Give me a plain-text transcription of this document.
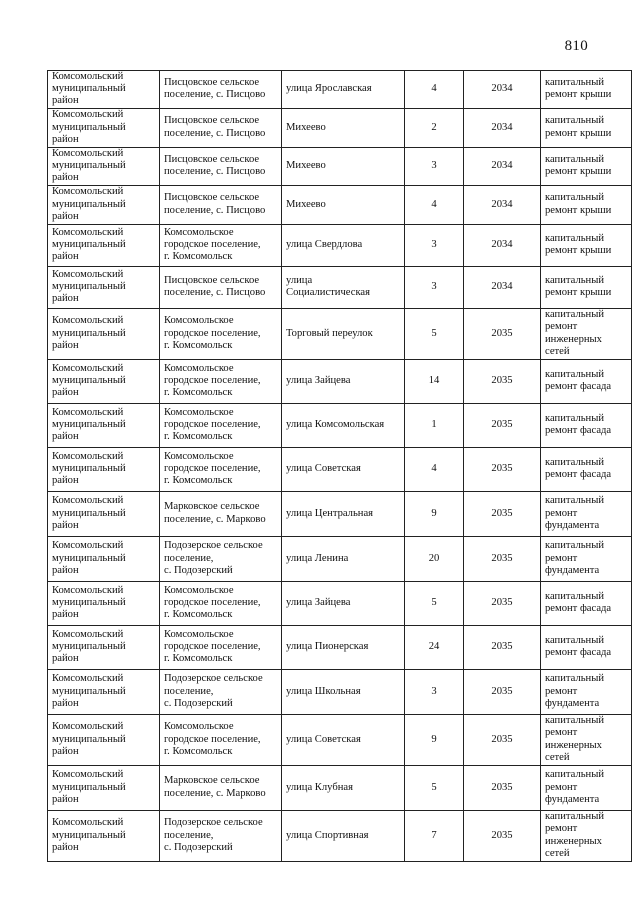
810
Комсомольский
муниципальный
район	Писцовское сельское
поселение, с. Писцово	улица Ярославская	4	2034	капитальный
ремонт крыши

Комсомольский
муниципальный
район	Писцовское сельское
поселение, с. Писцово	Михеево	2	2034	капитальный
ремонт крыши

Комсомольский
муниципальный
район	Писцовское сельское
поселение, с. Писцово	Михеево	3	2034	капитальный
ремонт крыши

Комсомольский
муниципальный
район	Писцовское сельское
поселение, с. Писцово	Михеево	4	2034	капитальный
ремонт крыши

Комсомольский
муниципальный
район	Комсомольское
городское поселение,
г. Комсомольск	улица Свердлова	3	2034	капитальный
ремонт крыши

Комсомольский
муниципальный
район	Писцовское сельское
поселение, с. Писцово	улица
Социалистическая	3	2034	капитальный
ремонт крыши

Комсомольский
муниципальный
район	Комсомольское
городское поселение,
г. Комсомольск	Торговый переулок	5	2035	капитальный
ремонт
инженерных
сетей

Комсомольский
муниципальный
район	Комсомольское
городское поселение,
г. Комсомольск	улица Зайцева	14	2035	капитальный
ремонт фасада

Комсомольский
муниципальный
район	Комсомольское
городское поселение,
г. Комсомольск	улица Комсомольская	1	2035	капитальный
ремонт фасада

Комсомольский
муниципальный
район	Комсомольское
городское поселение,
г. Комсомольск	улица Советская	4	2035	капитальный
ремонт фасада

Комсомольский
муниципальный
район	Марковское сельское
поселение, с. Марково	улица Центральная	9	2035	капитальный
ремонт
фундамента

Комсомольский
муниципальный
район	Подозерское сельское
поселение,
с. Подозерский	улица Ленина	20	2035	капитальный
ремонт
фундамента

Комсомольский
муниципальный
район	Комсомольское
городское поселение,
г. Комсомольск	улица Зайцева	5	2035	капитальный
ремонт фасада

Комсомольский
муниципальный
район	Комсомольское
городское поселение,
г. Комсомольск	улица Пионерская	24	2035	капитальный
ремонт фасада

Комсомольский
муниципальный
район	Подозерское сельское
поселение,
с. Подозерский	улица Школьная	3	2035	капитальный
ремонт
фундамента

Комсомольский
муниципальный
район	Комсомольское
городское поселение,
г. Комсомольск	улица Советская	9	2035	капитальный
ремонт
инженерных
сетей

Комсомольский
муниципальный
район	Марковское сельское
поселение, с. Марково	улица Клубная	5	2035	капитальный
ремонт
фундамента

Комсомольский
муниципальный
район	Подозерское сельское
поселение,
с. Подозерский	улица Спортивная	7	2035	капитальный
ремонт
инженерных
сетей
